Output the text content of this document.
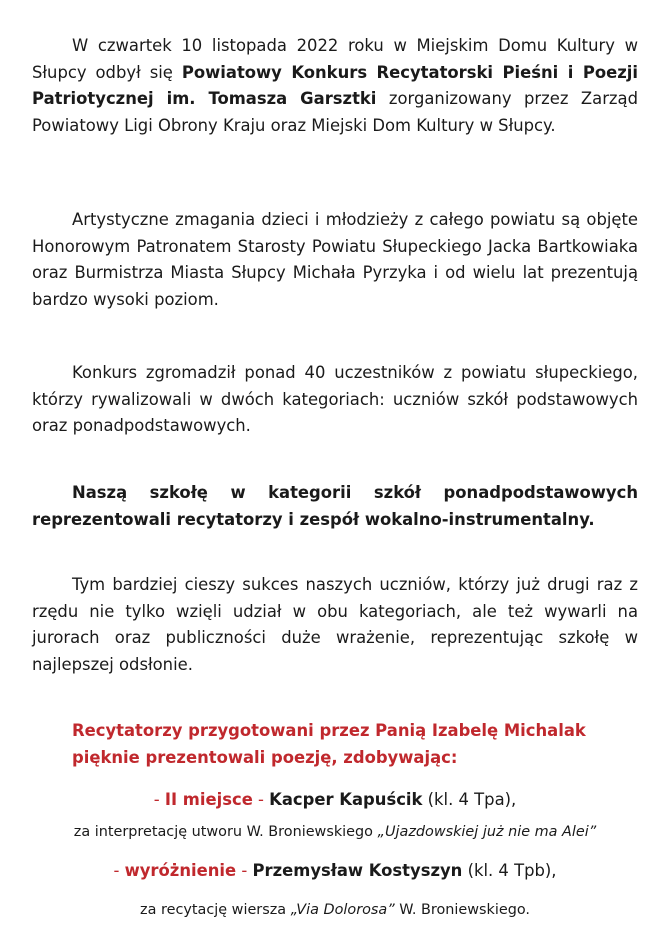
W czwartek 10 listopada 2022 roku w Miejskim Domu Kultury w Słupcy odbył się Powiatowy Konkurs Recytatorski Pieśni i Poezji Patriotycznej im. Tomasza Garsztki zorganizowany przez Zarząd Powiatowy Ligi Obrony Kraju oraz Miejski Dom Kultury w Słupcy.

Artystyczne zmagania dzieci i młodzieży z całego powiatu są objęte Honorowym Patronatem Starosty Powiatu Słupeckiego Jacka Bartkowiaka oraz Burmistrza Miasta Słupcy Michała Pyrzyka i od wielu lat prezentują bardzo wysoki poziom.

Konkurs zgromadził ponad 40 uczestników z powiatu słupeckiego, którzy rywalizowali w dwóch kategoriach: uczniów szkół podstawowych oraz ponadpodstawowych.

Naszą szkołę w kategorii szkół ponadpodstawowych reprezentowali recytatorzy i zespół wokalno-instrumentalny.

Tym bardziej cieszy sukces naszych uczniów, którzy już drugi raz z rzędu nie tylko wzięli udział w obu kategoriach, ale też wywarli na jurorach oraz publiczności duże wrażenie, reprezentując szkołę w najlepszej odsłonie.

Recytatorzy przygotowani przez Panią Izabelę Michalak pięknie prezentowali poezję, zdobywając:

- II miejsce - Kacper Kapuścik (kl. 4 Tpa),

za interpretację utworu W. Broniewskiego „Ujazdowskiej już nie ma Alei”

- wyróżnienie - Przemysław Kostyszyn (kl. 4 Tpb),

za recytację wiersza „Via Dolorosa” W. Broniewskiego.
